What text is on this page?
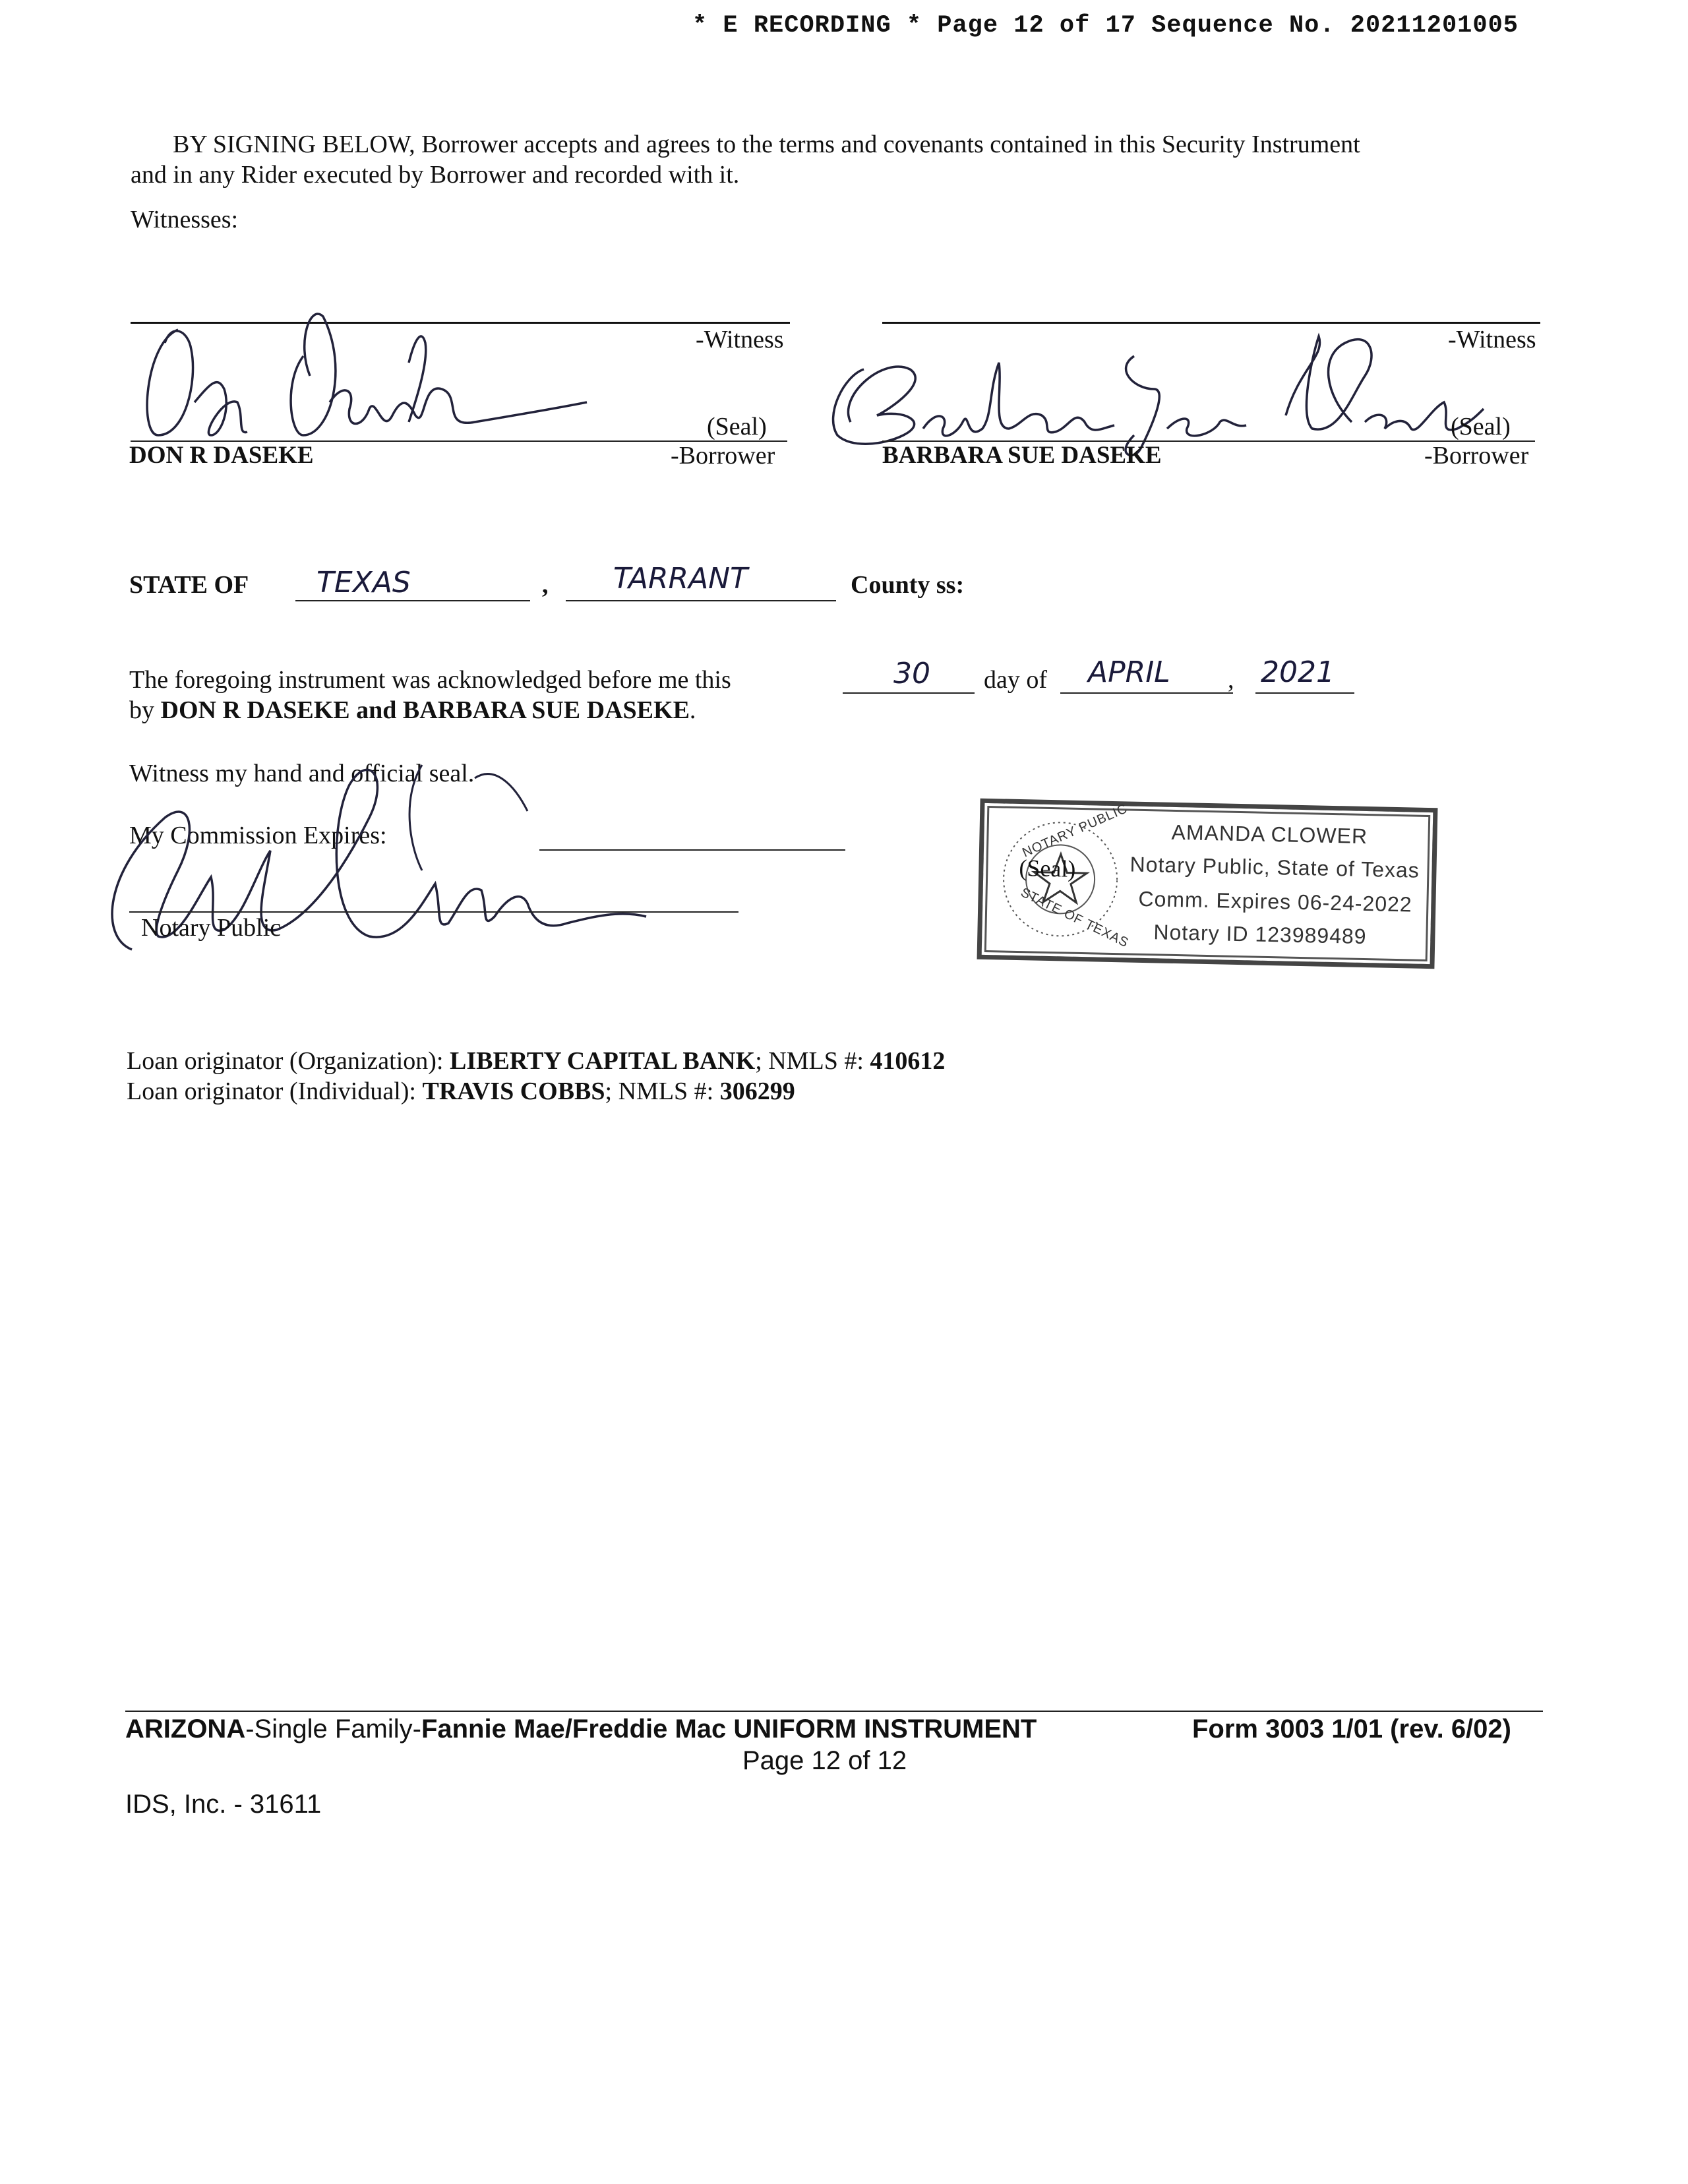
* E RECORDING * Page 12 of 17 Sequence No. 20211201005
BY SIGNING BELOW, Borrower accepts and agrees to the terms and covenants contained in this Security Instrument
and in any Rider executed by Borrower and recorded with it.
Witnesses:
-Witness	-Witness
(Seal)
DON R DASEKE	-Borrower
(Seal)
BARBARA SUE DASEKE	-Borrower
STATE OF TEXAS	, TARRANT	County ss:
The foregoing instrument was acknowledged before me this	30 day of APRIL , 2021
by DON R DASEKE and BARBARA SUE DASEKE.
Witness my hand and official seal.
My Commission Expires:
Notary Public
NOTARY PUBLIC
STATE OF TEXAS
(Seal)
AMANDA CLOWER
Notary Public, State of Texas
Comm. Expires 06-24-2022
Notary ID 123989489
Loan originator (Organization): LIBERTY CAPITAL BANK; NMLS #: 410612
Loan originator (Individual): TRAVIS COBBS; NMLS #: 306299
ARIZONA-Single Family-Fannie Mae/Freddie Mac UNIFORM INSTRUMENT	Form 3003 1/01 (rev. 6/02)
Page 12 of 12
IDS, Inc. - 31611
